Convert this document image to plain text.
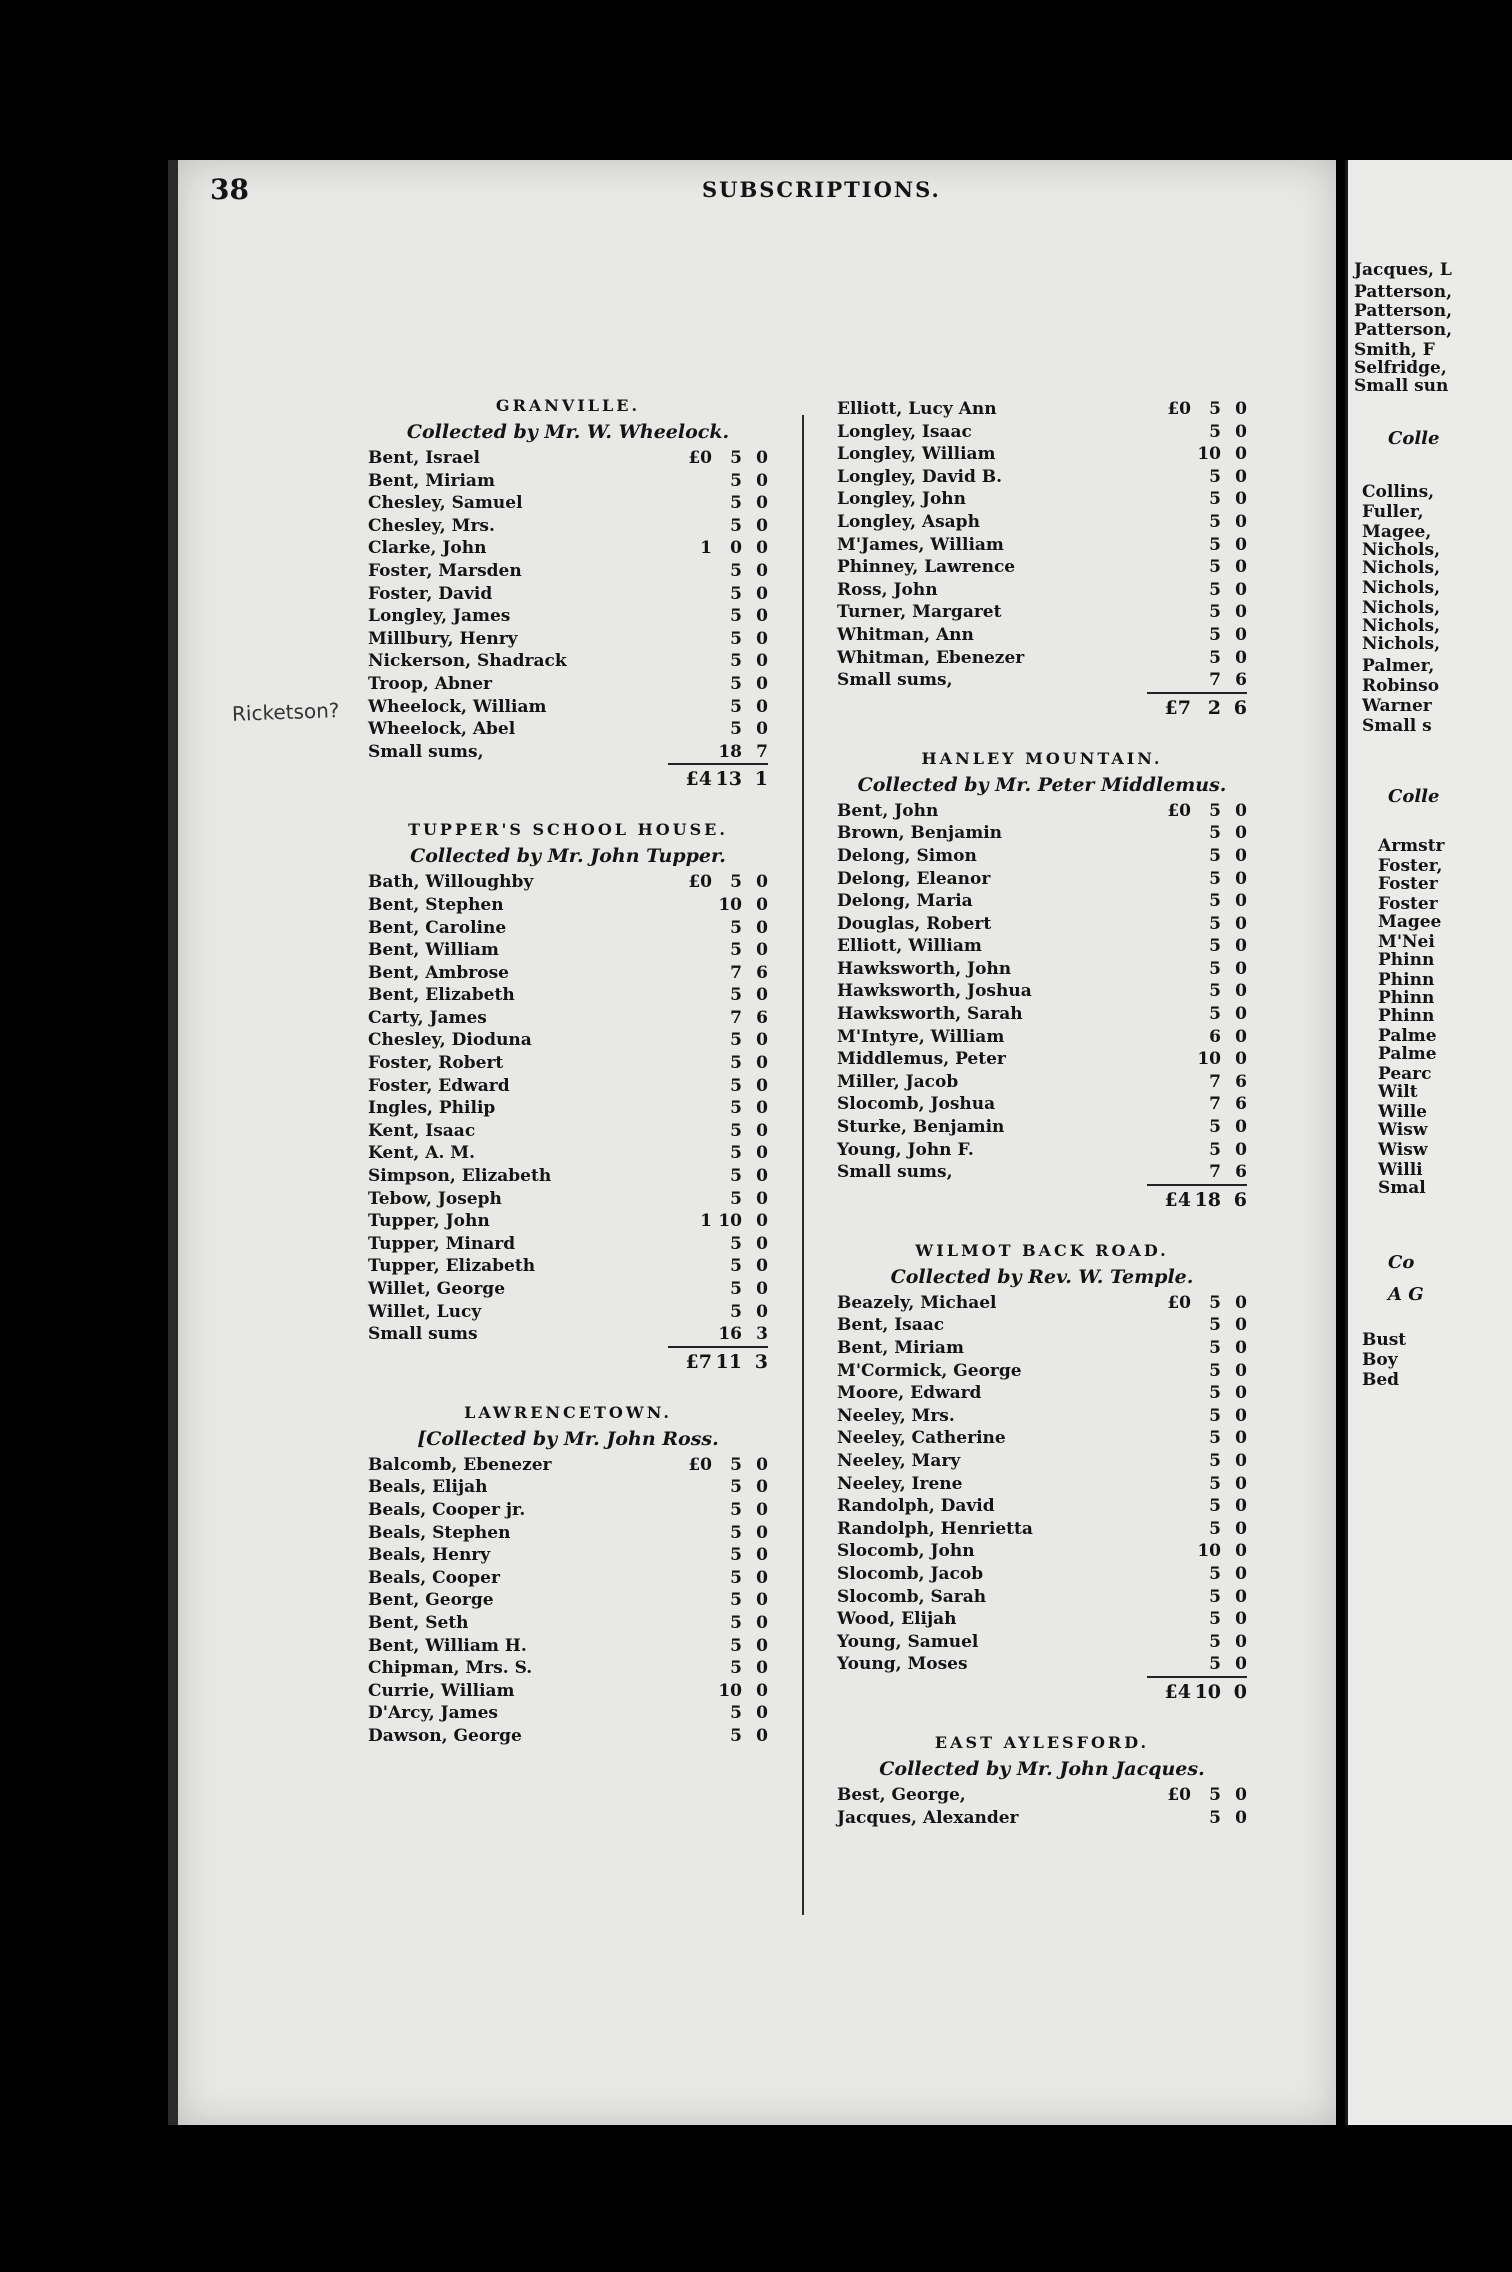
Jacques, L
Patterson,
Patterson,
Patterson,
Smith, F
Selfridge,
Small sun
Colle
Collins,
Fuller,
Magee,
Nichols,
Nichols,
Nichols,
Nichols,
Nichols,
Nichols,
Palmer,
Robinso
Warner
Small s
Colle
Armstr
Foster,
Foster
Foster
Magee
M'Nei
Phinn
Phinn
Phinn
Phinn
Palme
Palme
Pearc
Wilt
Wille
Wisw
Wisw
Willi
Smal
Co
A G
Bust
Boy
Bed
38	SUBSCRIPTIONS.
Ricketson?
GRANVILLE.
Collected by Mr. W. Wheelock.
Bent, Israel	£0	5 0
Bent, Miriam	5 0
Chesley, Samuel	5 0
Chesley, Mrs.	5 0
Clarke, John	1	0 0
Foster, Marsden	5 0
Foster, David	5 0
Longley, James	5 0
Millbury, Henry	5 0
Nickerson, Shadrack	5 0
Troop, Abner	5 0
Wheelock, William	5 0
Wheelock, Abel	5 0
Small sums,	18 7
£4 13 1
TUPPER'S SCHOOL HOUSE.
Collected by Mr. John Tupper.
Bath, Willoughby	£0	5 0
Bent, Stephen	10 0
Bent, Caroline	5 0
Bent, William	5 0
Bent, Ambrose	7 6
Bent, Elizabeth	5 0
Carty, James	7 6
Chesley, Dioduna	5 0
Foster, Robert	5 0
Foster, Edward	5 0
Ingles, Philip	5 0
Kent, Isaac	5 0
Kent, A. M.	5 0
Simpson, Elizabeth	5 0
Tebow, Joseph	5 0
Tupper, John	1 10 0
Tupper, Minard	5 0
Tupper, Elizabeth	5 0
Willet, George	5 0
Willet, Lucy	5 0
Small sums	16 3
£7 11 3
LAWRENCETOWN.
[Collected by Mr. John Ross.
Balcomb, Ebenezer	£0	5 0
Beals, Elijah	5 0
Beals, Cooper jr.	5 0
Beals, Stephen	5 0
Beals, Henry	5 0
Beals, Cooper	5 0
Bent, George	5 0
Bent, Seth	5 0
Bent, William H.	5 0
Chipman, Mrs. S.	5 0
Currie, William	10 0
D'Arcy, James	5 0
Dawson, George	5 0
Elliott, Lucy Ann	£0	5 0
Longley, Isaac	5 0
Longley, William	10 0
Longley, David B.	5 0
Longley, John	5 0
Longley, Asaph	5 0
M'James, William	5 0
Phinney, Lawrence	5 0
Ross, John	5 0
Turner, Margaret	5 0
Whitman, Ann	5 0
Whitman, Ebenezer	5 0
Small sums,	7 6
£7 2 6
HANLEY MOUNTAIN.
Collected by Mr. Peter Middlemus.
Bent, John	£0	5 0
Brown, Benjamin	5 0
Delong, Simon	5 0
Delong, Eleanor	5 0
Delong, Maria	5 0
Douglas, Robert	5 0
Elliott, William	5 0
Hawksworth, John	5 0
Hawksworth, Joshua	5 0
Hawksworth, Sarah	5 0
M'Intyre, William	6 0
Middlemus, Peter	10 0
Miller, Jacob	7 6
Slocomb, Joshua	7 6
Sturke, Benjamin	5 0
Young, John F.	5 0
Small sums,	7 6
£4 18 6
WILMOT BACK ROAD.
Collected by Rev. W. Temple.
Beazely, Michael	£0	5 0
Bent, Isaac	5 0
Bent, Miriam	5 0
M'Cormick, George	5 0
Moore, Edward	5 0
Neeley, Mrs.	5 0
Neeley, Catherine	5 0
Neeley, Mary	5 0
Neeley, Irene	5 0
Randolph, David	5 0
Randolph, Henrietta	5 0
Slocomb, John	10 0
Slocomb, Jacob	5 0
Slocomb, Sarah	5 0
Wood, Elijah	5 0
Young, Samuel	5 0
Young, Moses	5 0
£4 10 0
EAST AYLESFORD.
Collected by Mr. John Jacques.
Best, George,	£0	5 0
Jacques, Alexander	5 0
